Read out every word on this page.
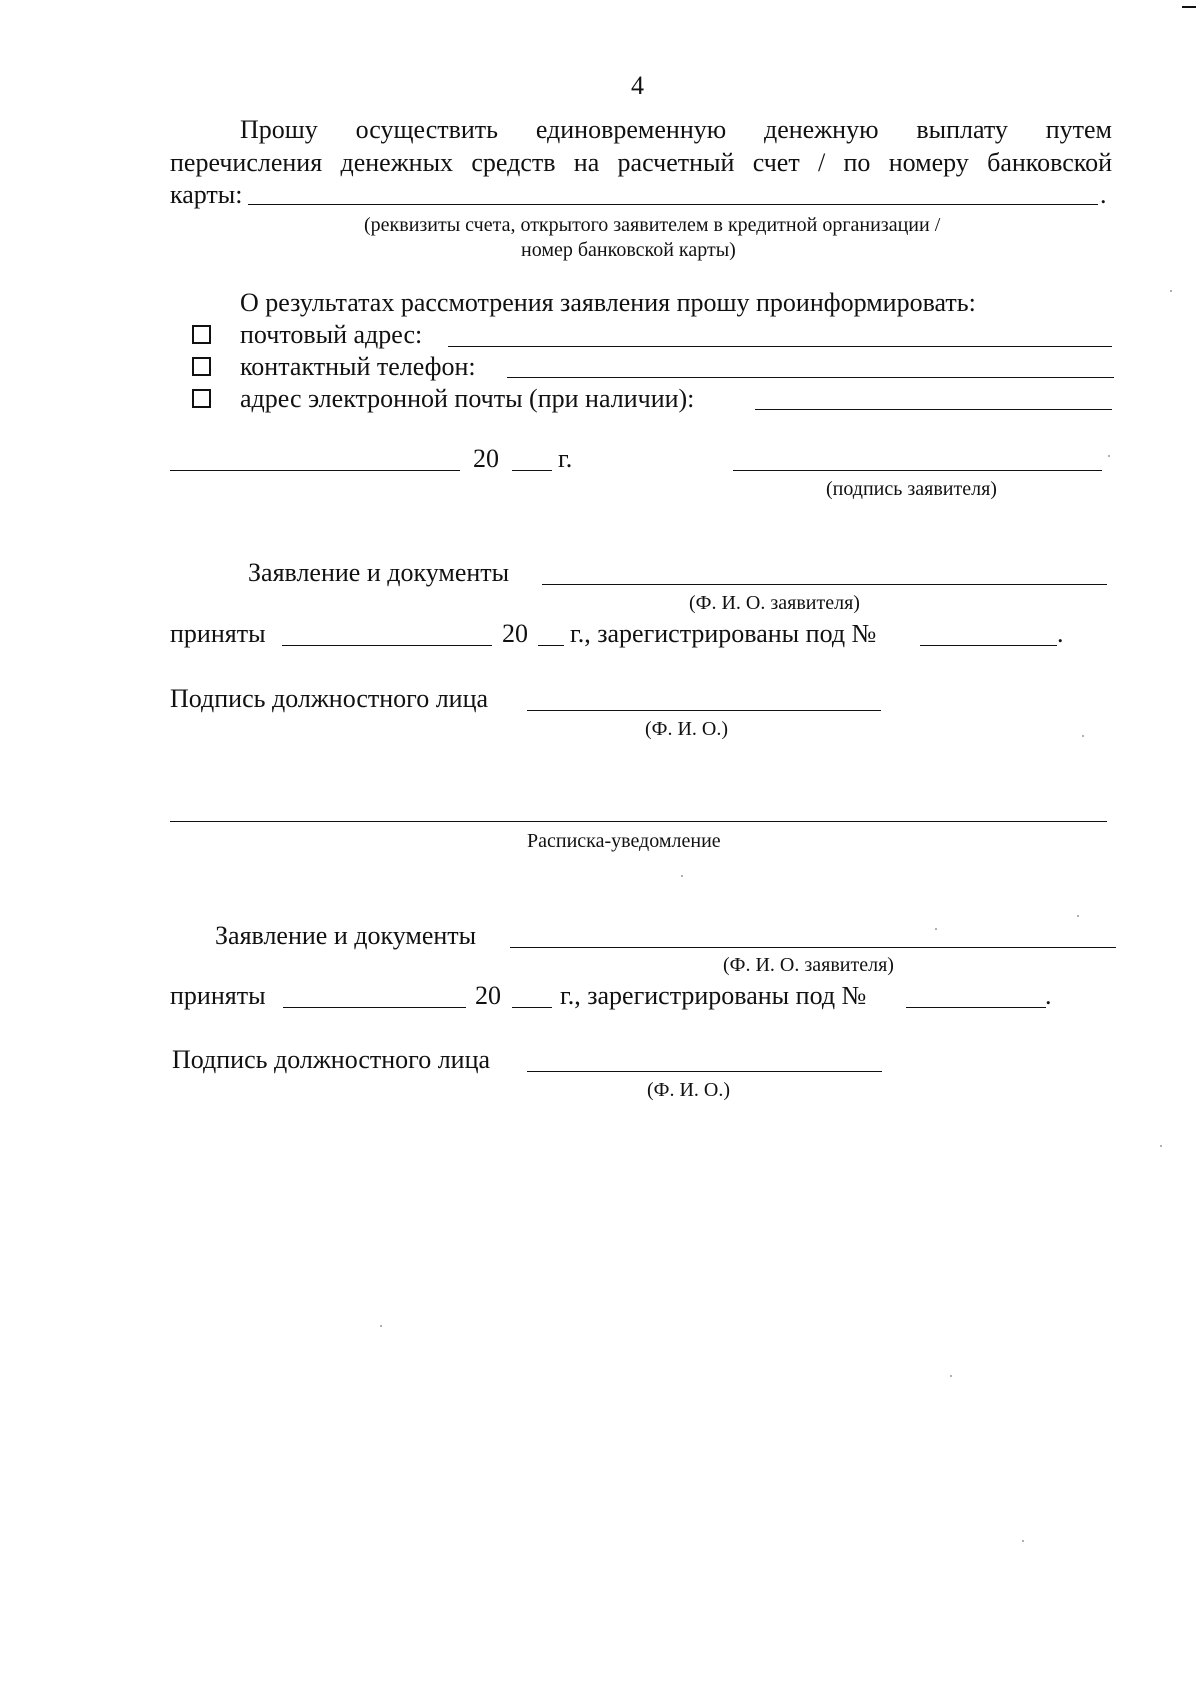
4
Прошу осуществить единовременную денежную выплату путем
перечисления денежных средств на расчетный счет / по номеру банковской
карты:	.
(реквизиты счета, открытого заявителем в кредитной организации /
номер банковской карты)
О результатах рассмотрения заявления прошу проинформировать:
почтовый адрес:
контактный телефон:
адрес электронной почты (при наличии):
20 г.
(подпись заявителя)
Заявление и документы
(Ф. И. О. заявителя)
приняты	20 г., зарегистрированы под №	.
Подпись должностного лица
(Ф. И. О.)
Расписка-уведомление
Заявление и документы
(Ф. И. О. заявителя)
приняты	20 г., зарегистрированы под №	.
Подпись должностного лица
(Ф. И. О.)
